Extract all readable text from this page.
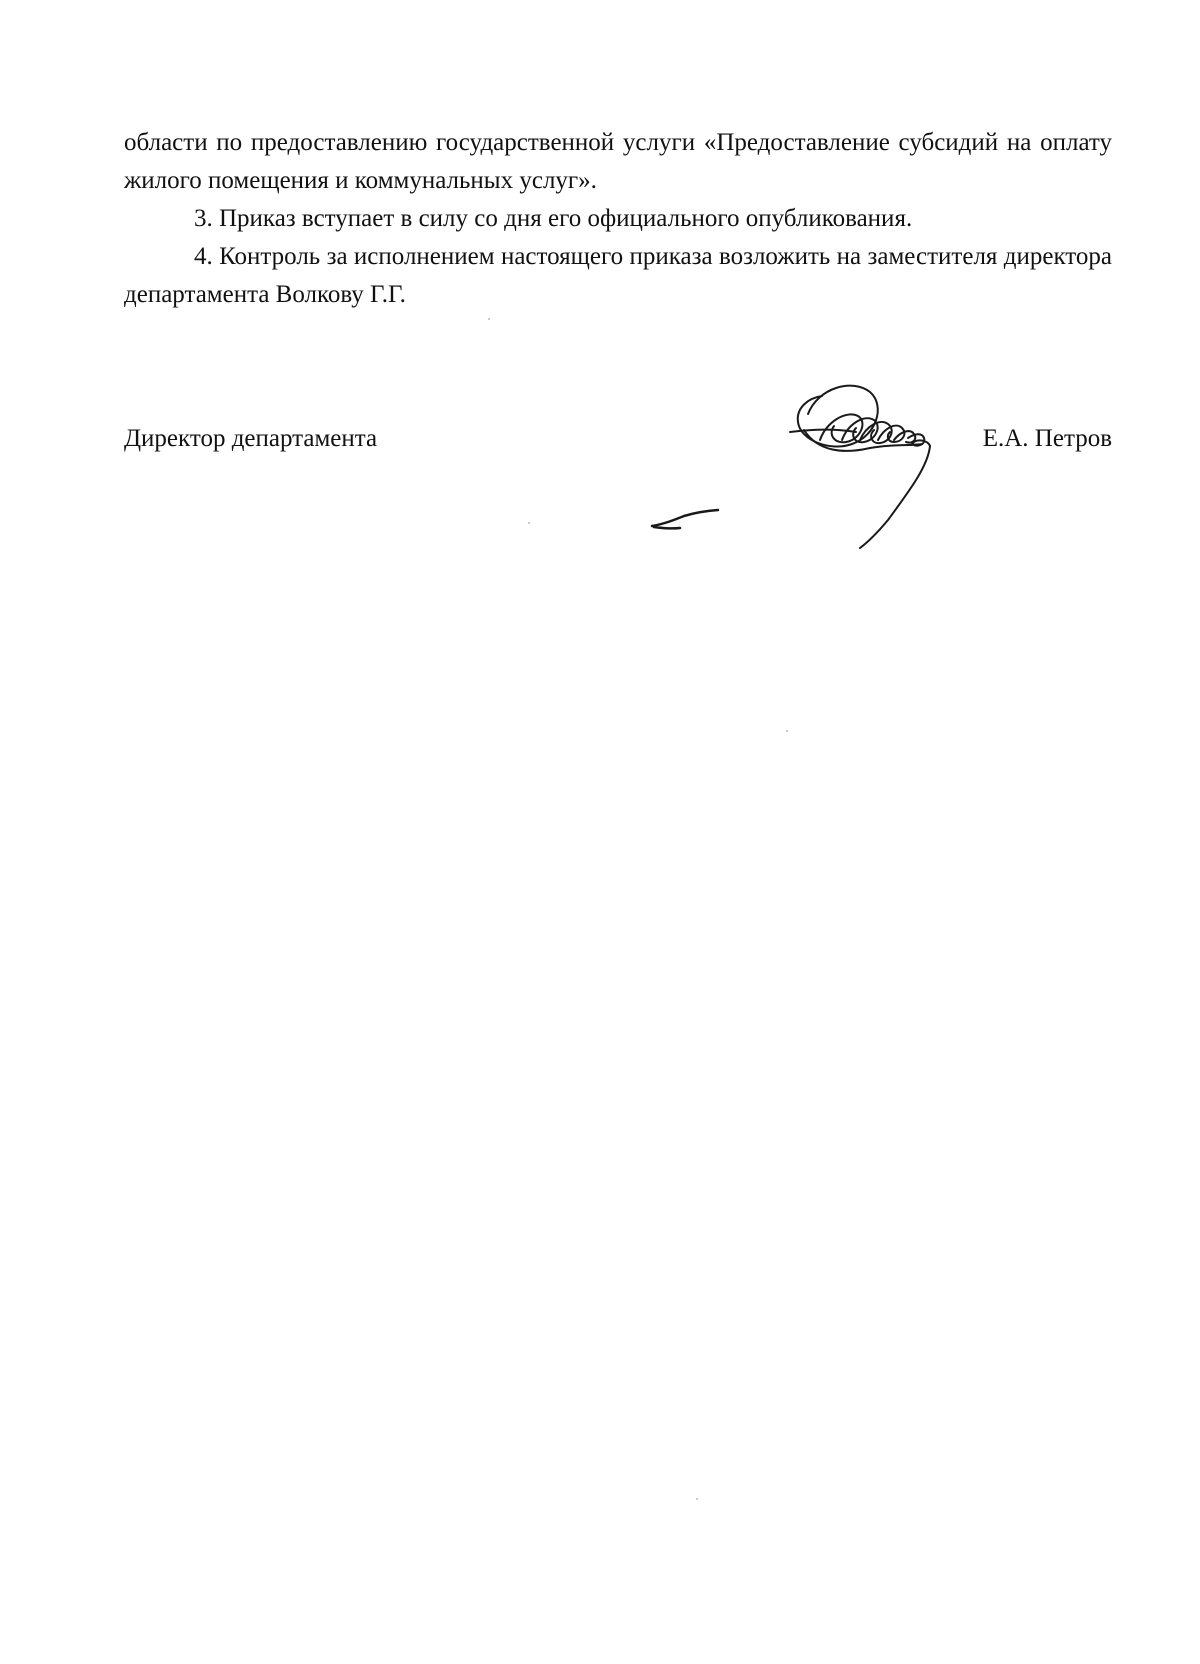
области по предоставлению государственной услуги «Предоставление субсидий на оплату жилого помещения и коммунальных услуг».

3. Приказ вступает в силу со дня его официального опубликования.

4. Контроль за исполнением настоящего приказа возложить на заместителя директора департамента Волкову Г.Г.

Директор департамента	Е.А. Петров
